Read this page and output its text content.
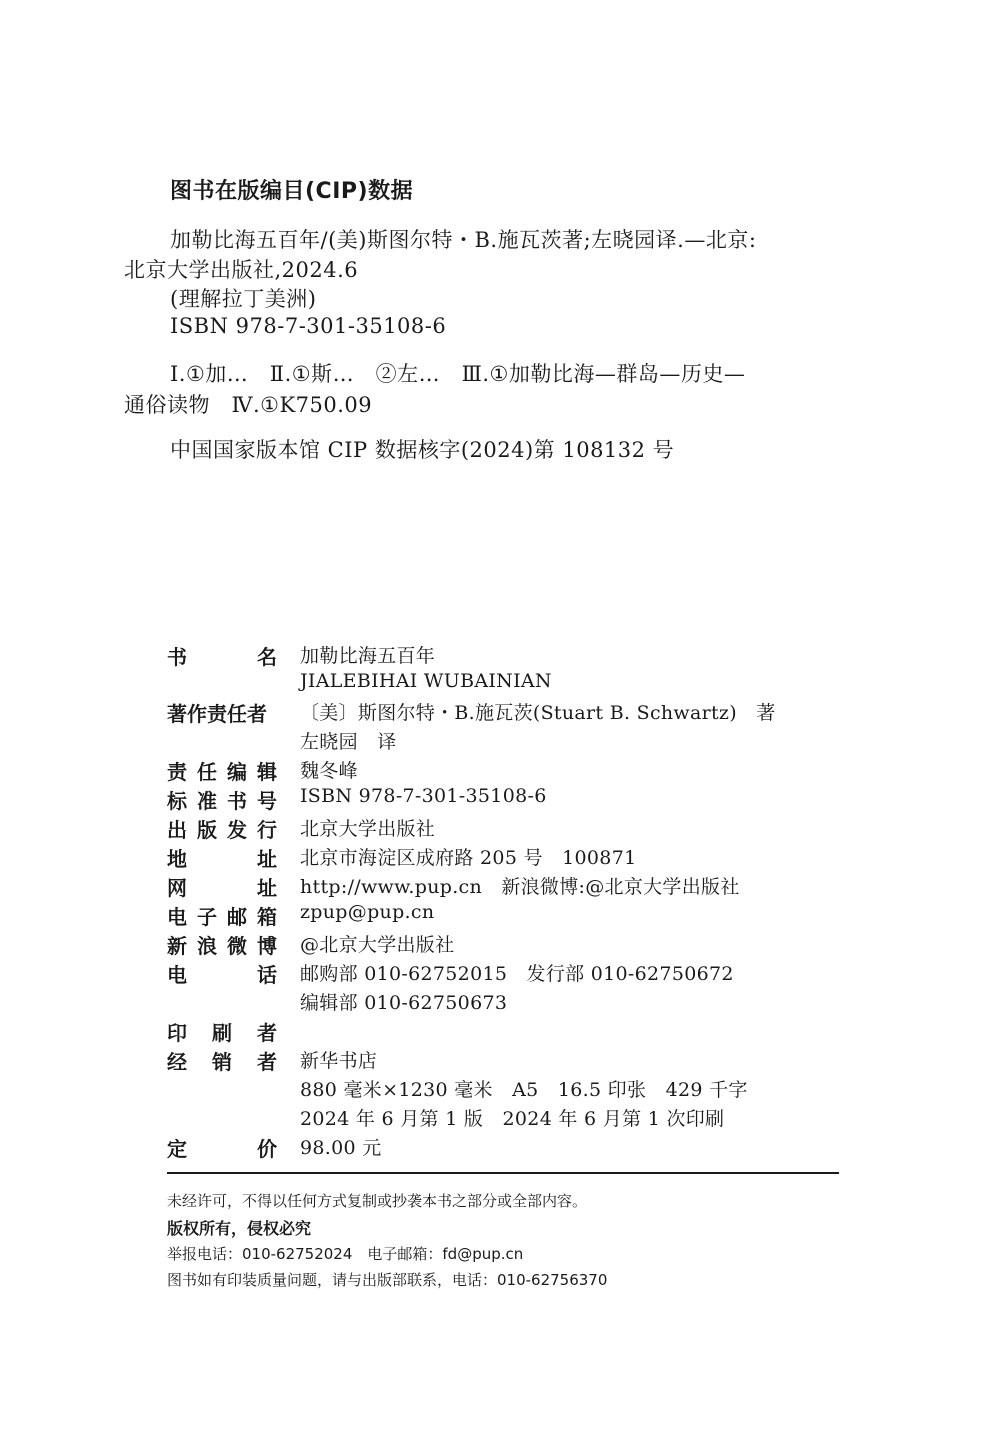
图书在版编目(CIP)数据
加勒比海五百年/(美)斯图尔特・B.施瓦茨著;左晓园译.—北京:
北京大学出版社,2024.6
(理解拉丁美洲)
ISBN 978-7-301-35108-6
Ⅰ.①加…　Ⅱ.①斯…　②左…　Ⅲ.①加勒比海—群岛—历史—
通俗读物　Ⅳ.①K750.09
中国国家版本馆 CIP 数据核字(2024)第 108132 号
书	名 加勒比海五百年
JIALEBIHAI WUBAINIAN
著作责任者	〔美〕斯图尔特・B.施瓦茨(Stuart B. Schwartz)　著
左晓园　译
责 任 编 辑 魏冬峰
标 准 书 号 ISBN 978-7-301-35108-6
出 版 发 行 北京大学出版社
地	址 北京市海淀区成府路 205 号　100871
网	址 http://www.pup.cn　新浪微博:@北京大学出版社
电 子 邮 箱 zpup@pup.cn
新 浪 微 博 @北京大学出版社
电	话 邮购部 010-62752015　发行部 010-62750672
编辑部 010-62750673
印 刷 者
经 销 者 新华书店
880 毫米×1230 毫米　A5　16.5 印张　429 千字
2024 年 6 月第 1 版　2024 年 6 月第 1 次印刷
定	价 98.00 元
未经许可，不得以任何方式复制或抄袭本书之部分或全部内容。
版权所有，侵权必究
举报电话：010-62752024　电子邮箱：fd@pup.cn
图书如有印装质量问题，请与出版部联系，电话：010-62756370
